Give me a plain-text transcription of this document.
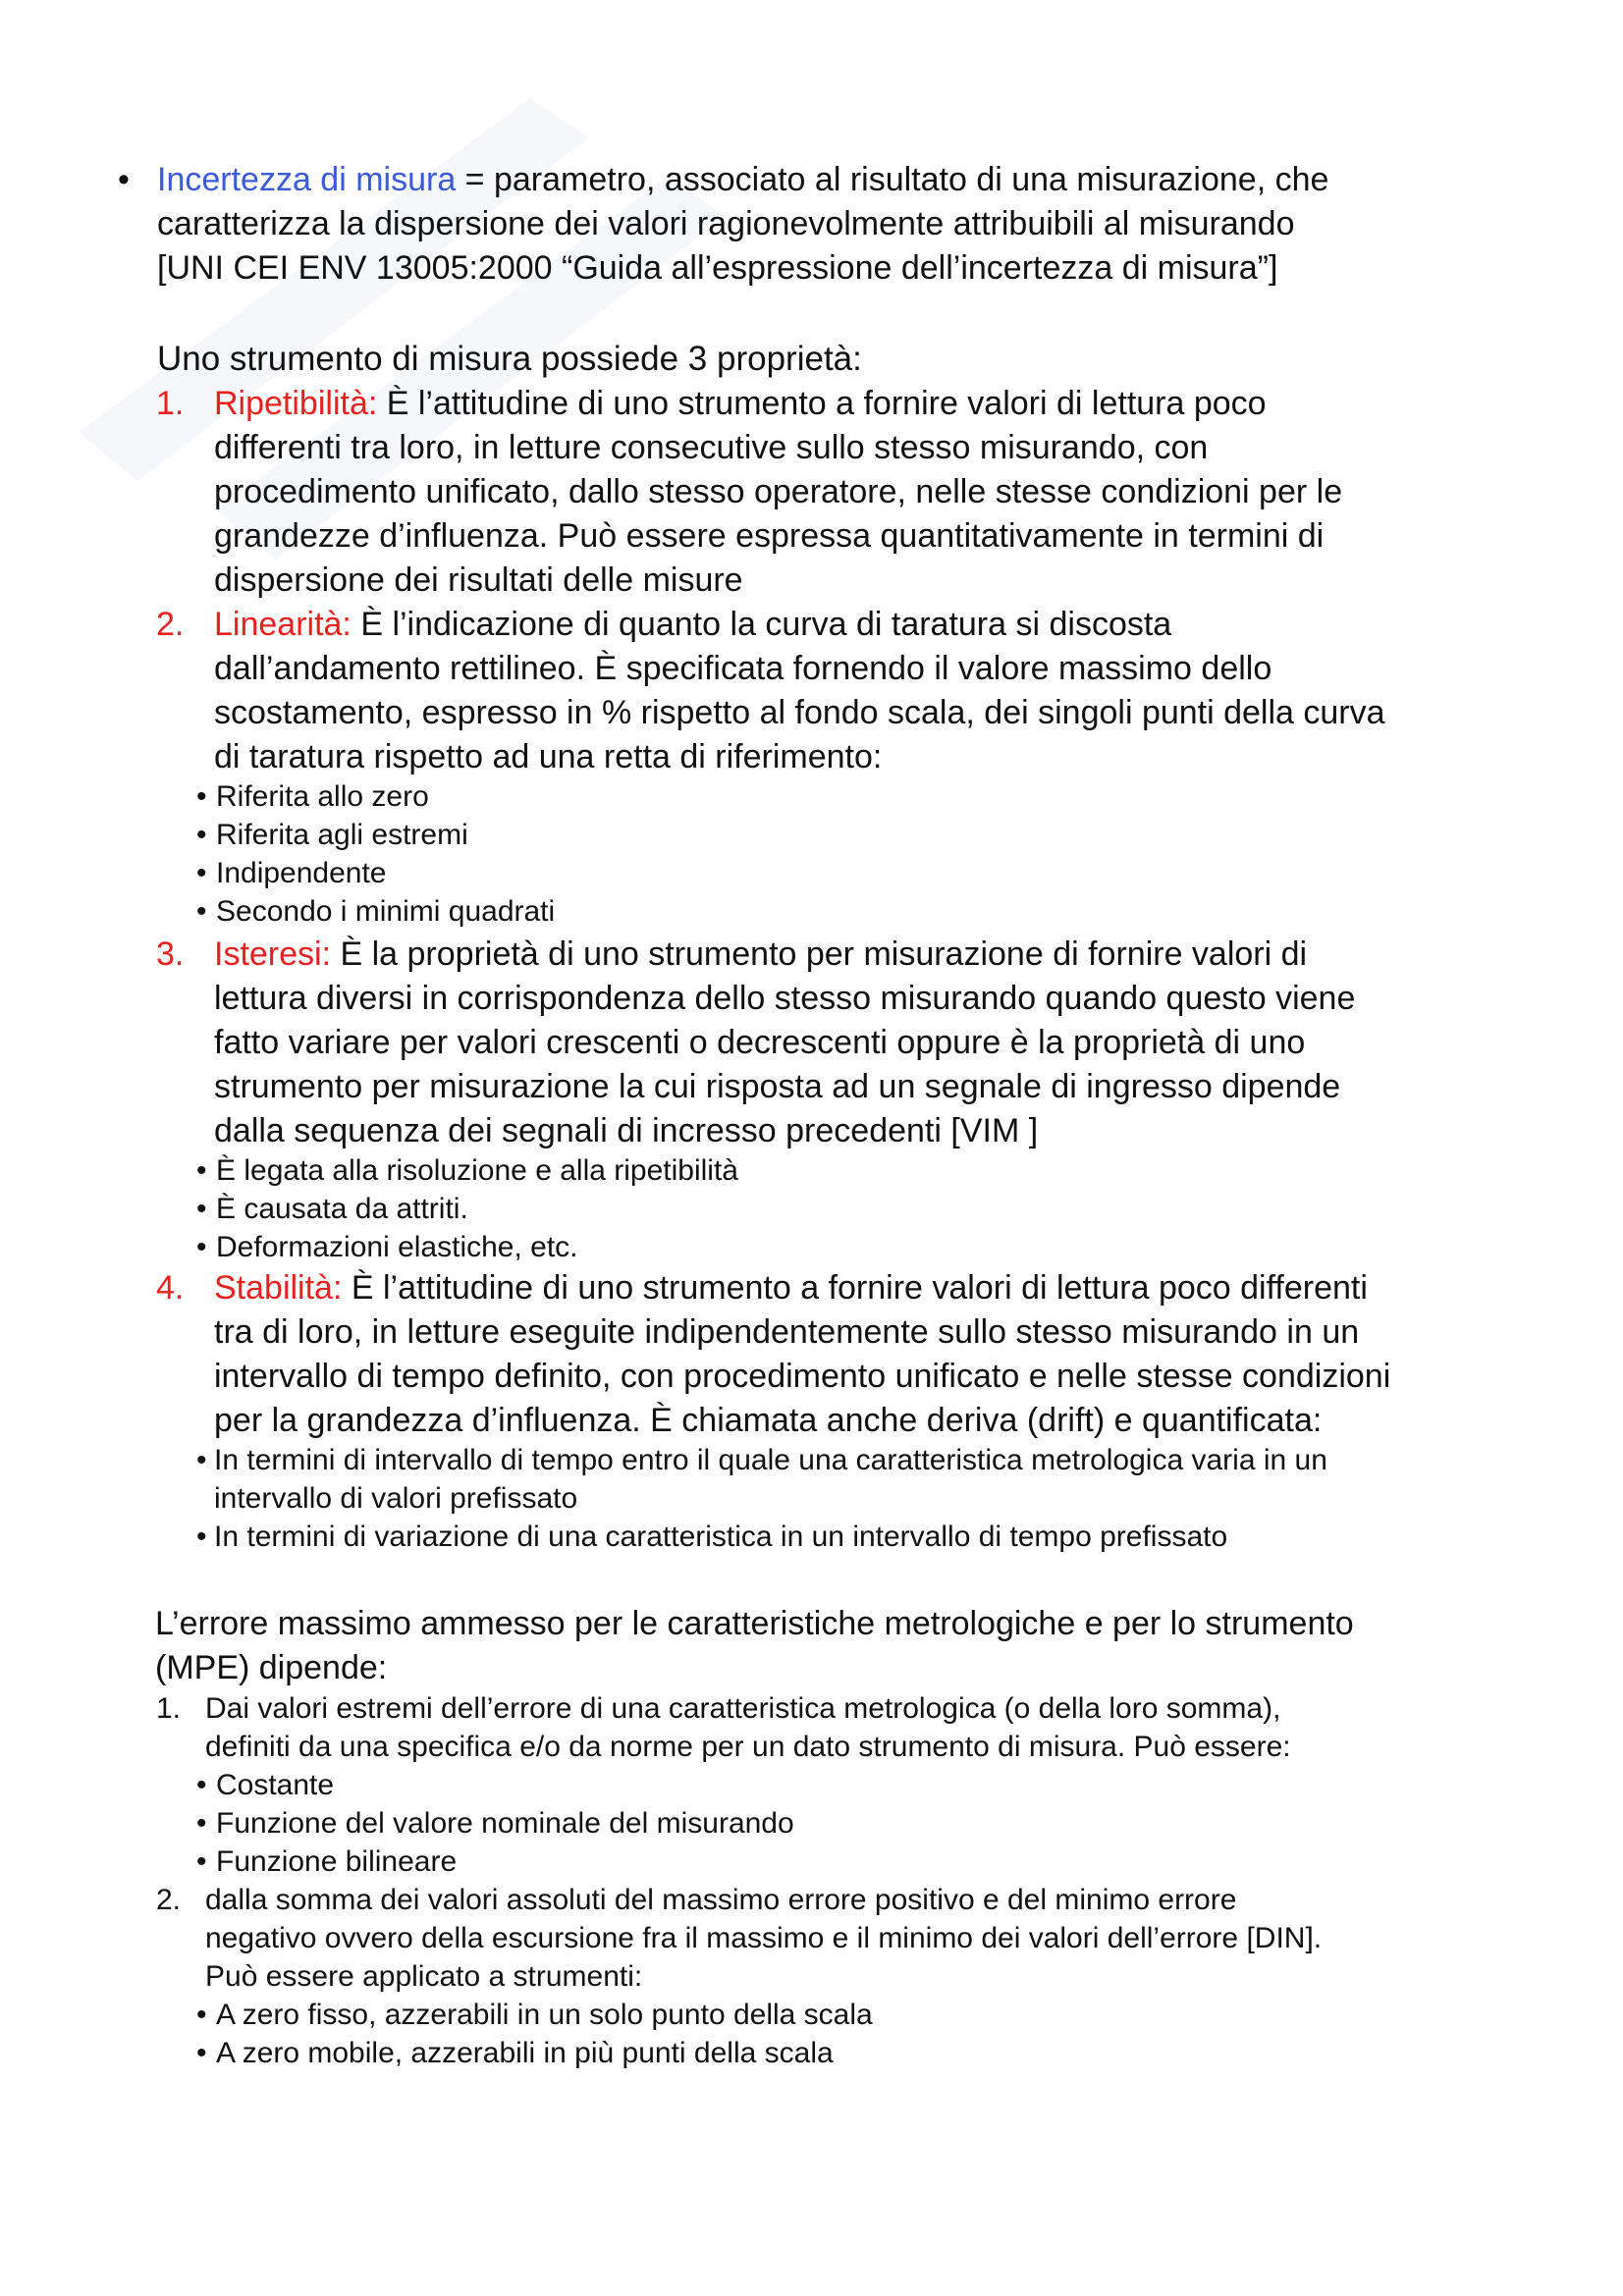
• Incertezza di misura = parametro, associato al risultato di una misurazione, che
caratterizza la dispersione dei valori ragionevolmente attribuibili al misurando
[UNI CEI ENV 13005:2000 “Guida all’espressione dell’incertezza di misura”]
Uno strumento di misura possiede 3 proprietà:
1. Ripetibilità: È l’attitudine di uno strumento a fornire valori di lettura poco
differenti tra loro, in letture consecutive sullo stesso misurando, con
procedimento unificato, dallo stesso operatore, nelle stesse condizioni per le
grandezze d’influenza. Può essere espressa quantitativamente in termini di
dispersione dei risultati delle misure
2. Linearità: È l’indicazione di quanto la curva di taratura si discosta
dall’andamento rettilineo. È specificata fornendo il valore massimo dello
scostamento, espresso in % rispetto al fondo scala, dei singoli punti della curva
di taratura rispetto ad una retta di riferimento:
• Riferita allo zero
• Riferita agli estremi
• Indipendente
• Secondo i minimi quadrati
3. Isteresi: È la proprietà di uno strumento per misurazione di fornire valori di
lettura diversi in corrispondenza dello stesso misurando quando questo viene
fatto variare per valori crescenti o decrescenti oppure è la proprietà di uno
strumento per misurazione la cui risposta ad un segnale di ingresso dipende
dalla sequenza dei segnali di incresso precedenti [VIM ]
• È legata alla risoluzione e alla ripetibilità
• È causata da attriti.
• Deformazioni elastiche, etc.
4. Stabilità: È l’attitudine di uno strumento a fornire valori di lettura poco differenti
tra di loro, in letture eseguite indipendentemente sullo stesso misurando in un
intervallo di tempo definito, con procedimento unificato e nelle stesse condizioni
per la grandezza d’influenza. È chiamata anche deriva (drift) e quantificata:
• In termini di intervallo di tempo entro il quale una caratteristica metrologica varia in un
intervallo di valori prefissato
• In termini di variazione di una caratteristica in un intervallo di tempo prefissato
L’errore massimo ammesso per le caratteristiche metrologiche e per lo strumento
(MPE) dipende:
1. Dai valori estremi dell’errore di una caratteristica metrologica (o della loro somma),
definiti da una specifica e/o da norme per un dato strumento di misura. Può essere:
• Costante
• Funzione del valore nominale del misurando
• Funzione bilineare
2. dalla somma dei valori assoluti del massimo errore positivo e del minimo errore
negativo ovvero della escursione fra il massimo e il minimo dei valori dell’errore [DIN].
Può essere applicato a strumenti:
• A zero fisso, azzerabili in un solo punto della scala
• A zero mobile, azzerabili in più punti della scala
